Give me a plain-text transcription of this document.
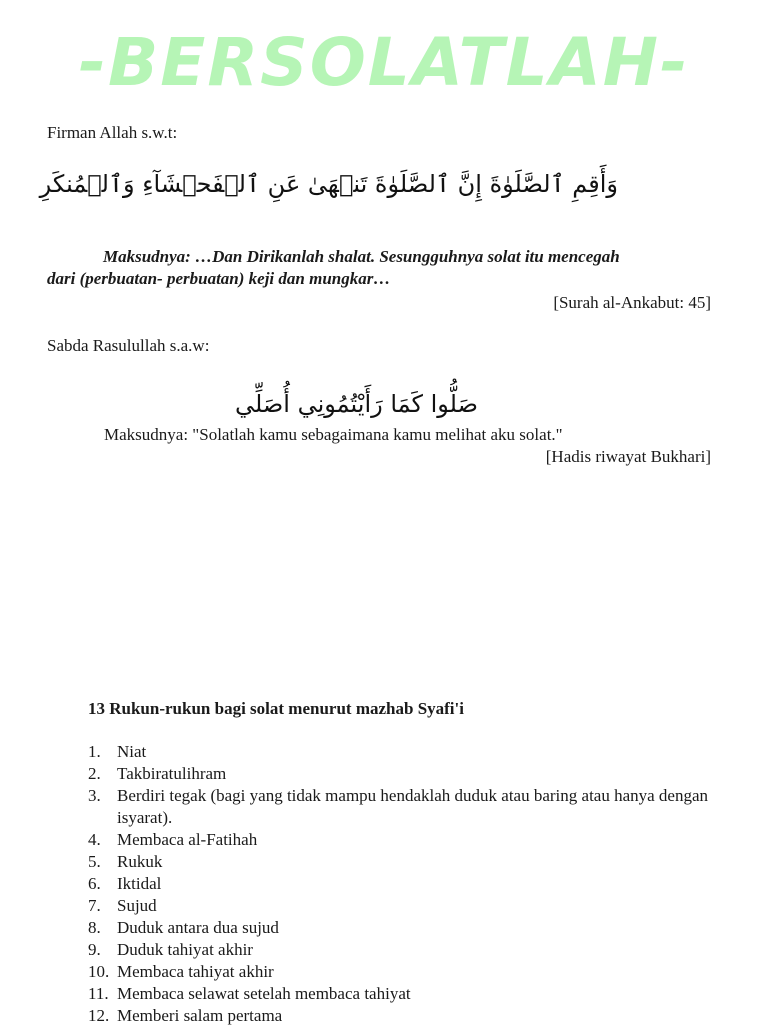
-BERSOLATLAH-
Firman Allah s.w.t:
وَأَقِمِ ٱلصَّلَوٰةَ إِنَّ ٱلصَّلَوٰةَ تَنۡهَىٰ عَنِ ٱلۡفَحۡشَآءِ وَٱلۡمُنكَرِ
Maksudnya: …Dan Dirikanlah shalat. Sesungguhnya solat itu mencegah
dari (perbuatan- perbuatan) keji dan mungkar…
[Surah al-Ankabut: 45]
Sabda Rasulullah s.a.w:
صَلُّوا كَمَا رَأَيْتُمُونِي أُصَلِّي
Maksudnya: "Solatlah kamu sebagaimana kamu melihat aku solat."
[Hadis riwayat Bukhari]
13 Rukun-rukun bagi solat menurut mazhab Syafi'i
1. Niat
2. Takbiratulihram
3. Berdiri tegak (bagi yang tidak mampu hendaklah duduk atau baring atau hanya dengan isyarat).
4. Membaca al-Fatihah
5. Rukuk
6. Iktidal
7. Sujud
8. Duduk antara dua sujud
9. Duduk tahiyat akhir
10. Membaca tahiyat akhir
11. Membaca selawat setelah membaca tahiyat
12. Memberi salam pertama
